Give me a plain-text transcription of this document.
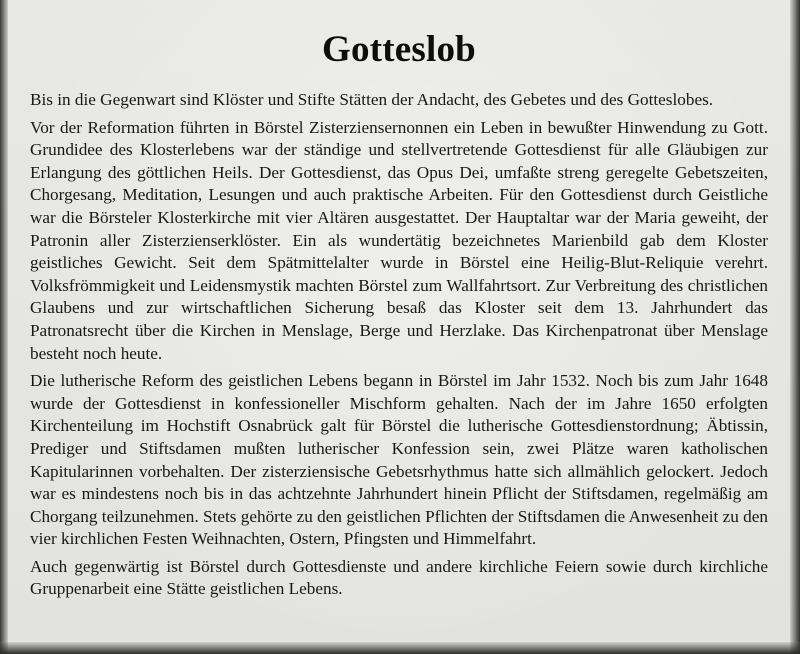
Gotteslob

Bis in die Gegenwart sind Klöster und Stifte Stätten der Andacht, des Gebetes und des Gotteslobes.

Vor der Reformation führten in Börstel Zisterziensernonnen ein Leben in bewußter Hinwendung zu Gott. Grundidee des Klosterlebens war der ständige und stellvertretende Gottesdienst für alle Gläubigen zur Erlangung des göttlichen Heils. Der Gottesdienst, das Opus Dei, umfaßte streng geregelte Gebetszeiten, Chorgesang, Meditation, Lesungen und auch praktische Arbeiten. Für den Gottesdienst durch Geistliche war die Börsteler Klosterkirche mit vier Altären ausgestattet. Der Hauptaltar war der Maria geweiht, der Patronin aller Zisterzienserklöster. Ein als wundertätig bezeichnetes Marienbild gab dem Kloster geistliches Gewicht. Seit dem Spätmittelalter wurde in Börstel eine Heilig-Blut-Reliquie verehrt. Volksfrömmigkeit und Leidensmystik machten Börstel zum Wallfahrtsort. Zur Verbreitung des christlichen Glaubens und zur wirtschaftlichen Sicherung besaß das Kloster seit dem 13. Jahrhundert das Patronatsrecht über die Kirchen in Menslage, Berge und Herzlake. Das Kirchenpatronat über Menslage besteht noch heute.

Die lutherische Reform des geistlichen Lebens begann in Börstel im Jahr 1532. Noch bis zum Jahr 1648 wurde der Gottesdienst in konfessioneller Mischform gehalten. Nach der im Jahre 1650 erfolgten Kirchenteilung im Hochstift Osnabrück galt für Börstel die lutherische Gottesdienstordnung; Äbtissin, Prediger und Stiftsdamen mußten lutherischer Konfession sein, zwei Plätze waren katholischen Kapitularinnen vorbehalten. Der zisterziensische Gebetsrhythmus hatte sich allmählich gelockert. Jedoch war es mindestens noch bis in das achtzehnte Jahrhundert hinein Pflicht der Stiftsdamen, regelmäßig am Chorgang teilzunehmen. Stets gehörte zu den geistlichen Pflichten der Stiftsdamen die Anwesenheit zu den vier kirchlichen Festen Weihnachten, Ostern, Pfingsten und Himmelfahrt.

Auch gegenwärtig ist Börstel durch Gottesdienste und andere kirchliche Feiern sowie durch kirchliche Gruppenarbeit eine Stätte geistlichen Lebens.
